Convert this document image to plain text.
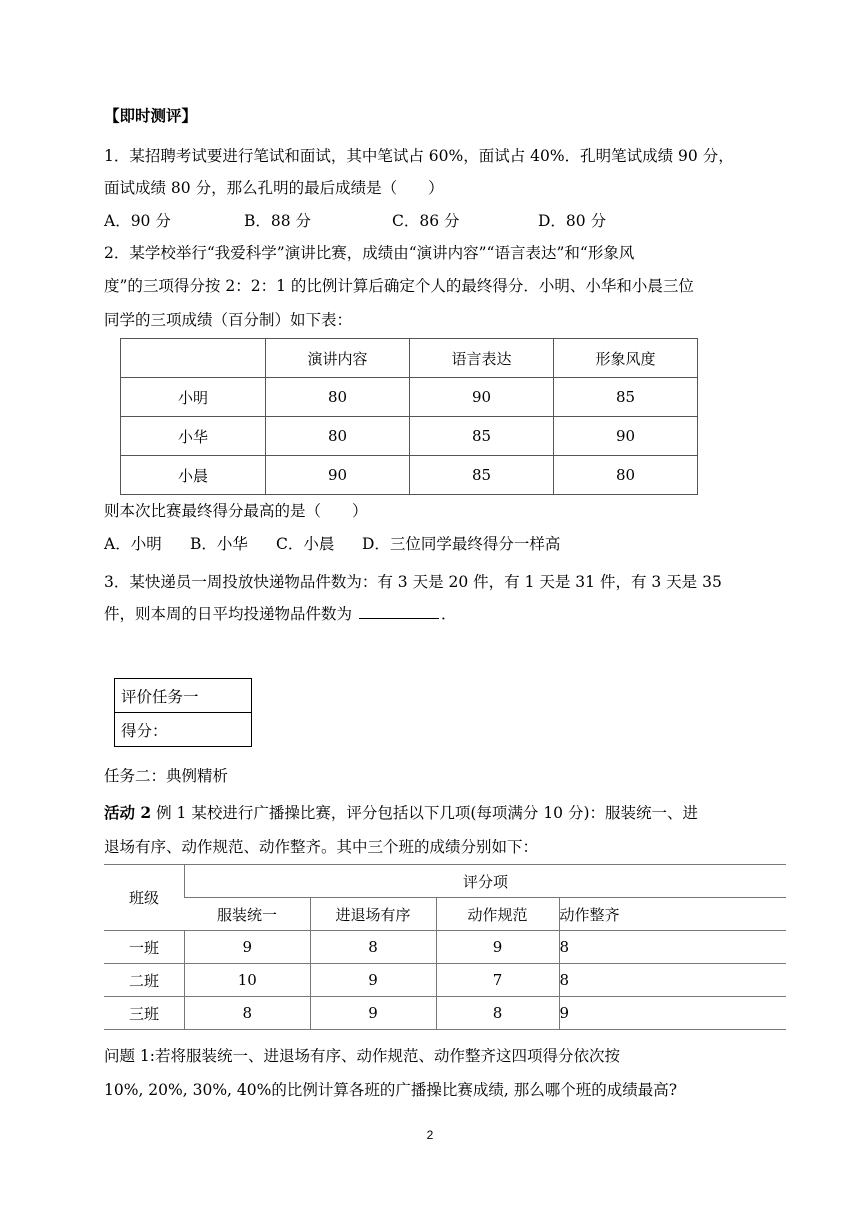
【即时测评】
1．某招聘考试要进行笔试和面试，其中笔试占 60%，面试占 40%．孔明笔试成绩 90 分，
面试成绩 80 分，那么孔明的最后成绩是（　　）
A．90 分	B．88 分	C．86 分	D．80 分
2．某学校举行“我爱科学”演讲比赛，成绩由“演讲内容”“语言表达”和“形象风
度”的三项得分按 2：2：1 的比例计算后确定个人的最终得分．小明、小华和小晨三位
同学的三项成绩（百分制）如下表：
	演讲内容	语言表达	形象风度
小明	80	90	85
小华	80	85	90
小晨	90	85	80
则本次比赛最终得分最高的是（　　）
A．小明 B．小华 C．小晨 D．三位同学最终得分一样高
3．某快递员一周投放快递物品件数为：有 3 天是 20 件，有 1 天是 31 件，有 3 天是 35
件，则本周的日平均投递物品件数为	．
评价任务一
得分：
任务二：典例精析
活动 2 例 1 某校进行广播操比赛，评分包括以下几项(每项满分 10 分)：服装统一、进
退场有序、动作规范、动作整齐。其中三个班的成绩分别如下：
班级	评分项			
	服装统一	进退场有序	动作规范	动作整齐
一班	9	8	9	8
二班	10	9	7	8
三班	8	9	8	9
问题 1:若将服装统一、进退场有序、动作规范、动作整齐这四项得分依次按
10%, 20%, 30%, 40%的比例计算各班的广播操比赛成绩, 那么哪个班的成绩最高?
2
